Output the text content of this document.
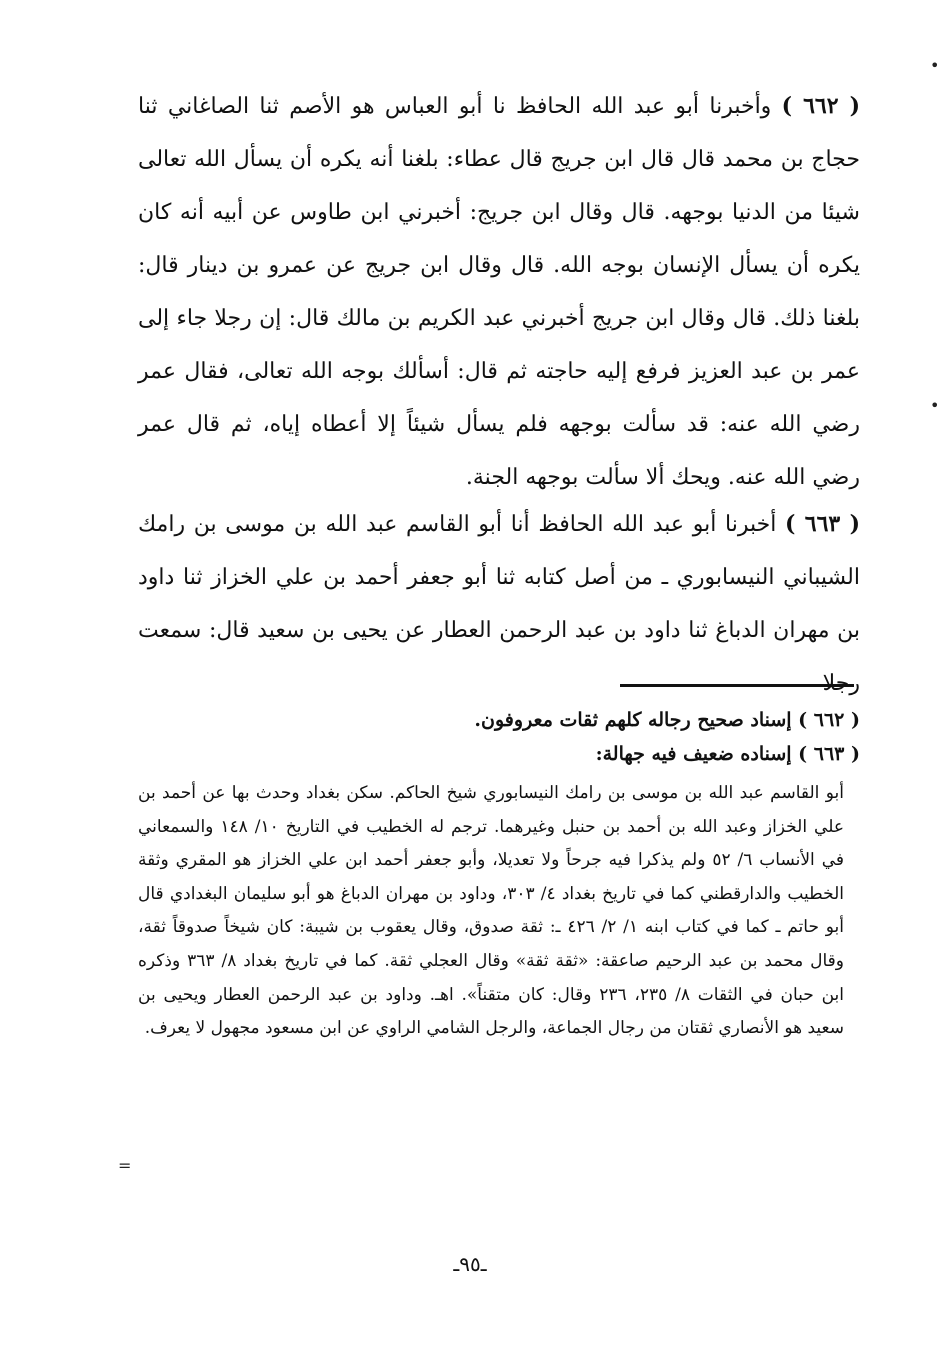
•
•
=

( ٦٦٢ ) وأخبرنا أبو عبد الله الحافظ نا أبو العباس هو الأصم ثنا الصاغاني ثنا حجاج بن محمد قال قال ابن جريج قال عطاء: بلغنا أنه يكره أن يسأل الله تعالى شيئا من الدنيا بوجهه. قال وقال ابن جريج: أخبرني ابن طاوس عن أبيه أنه كان يكره أن يسأل الإنسان بوجه الله. قال وقال ابن جريج عن عمرو بن دينار قال: بلغنا ذلك. قال وقال ابن جريج أخبرني عبد الكريم بن مالك قال: إن رجلا جاء إلى عمر بن عبد العزيز فرفع إليه حاجته ثم قال: أسألك بوجه الله تعالى، فقال عمر رضي الله عنه: قد سألت بوجهه فلم يسأل شيئاً إلا أعطاه إياه، ثم قال عمر رضي الله عنه. ويحك ألا سألت بوجهه الجنة.

( ٦٦٣ ) أخبرنا أبو عبد الله الحافظ أنا أبو القاسم عبد الله بن موسى بن رامك الشيباني النيسابوري ـ من أصل كتابه ثنا أبو جعفر أحمد بن علي الخزاز ثنا داود بن مهران الدباغ ثنا داود بن عبد الرحمن العطار عن يحيى بن سعيد قال: سمعت رجلا

( ٦٦٢ ) إسناد صحيح رجاله كلهم ثقات معروفون.

( ٦٦٣ ) إسناده ضعيف فيه جهالة:

أبو القاسم عبد الله بن موسى بن رامك النيسابوري شيخ الحاكم. سكن بغداد وحدث بها عن أحمد بن علي الخزاز وعبد الله بن أحمد بن حنبل وغيرهما. ترجم له الخطيب في التاريخ ١٠/ ١٤٨ والسمعاني في الأنساب ٦/ ٥٢ ولم يذكرا فيه جرحاً ولا تعديلا، وأبو جعفر أحمد ابن علي الخزاز هو المقري وثقة الخطيب والدارقطني كما في تاريخ بغداد ٤/ ٣٠٣، وداود بن مهران الدباغ هو أبو سليمان البغدادي قال أبو حاتم ـ كما في كتاب ابنه ١/ ٢/ ٤٢٦ ـ: ثقة صدوق، وقال يعقوب بن شيبة: كان شيخاً صدوقاً ثقة، وقال محمد بن عبد الرحيم صاعقة: «ثقة ثقة» وقال العجلي ثقة. كما في تاريخ بغداد ٨/ ٣٦٣ وذكره ابن حبان في الثقات ٨/ ٢٣٥، ٢٣٦ وقال: كان متقناً». اهـ. وداود بن عبد الرحمن العطار ويحيى بن سعيد هو الأنصاري ثقتان من رجال الجماعة، والرجل الشامي الراوي عن ابن مسعود مجهول لا يعرف.

ـ٩٥ـ
